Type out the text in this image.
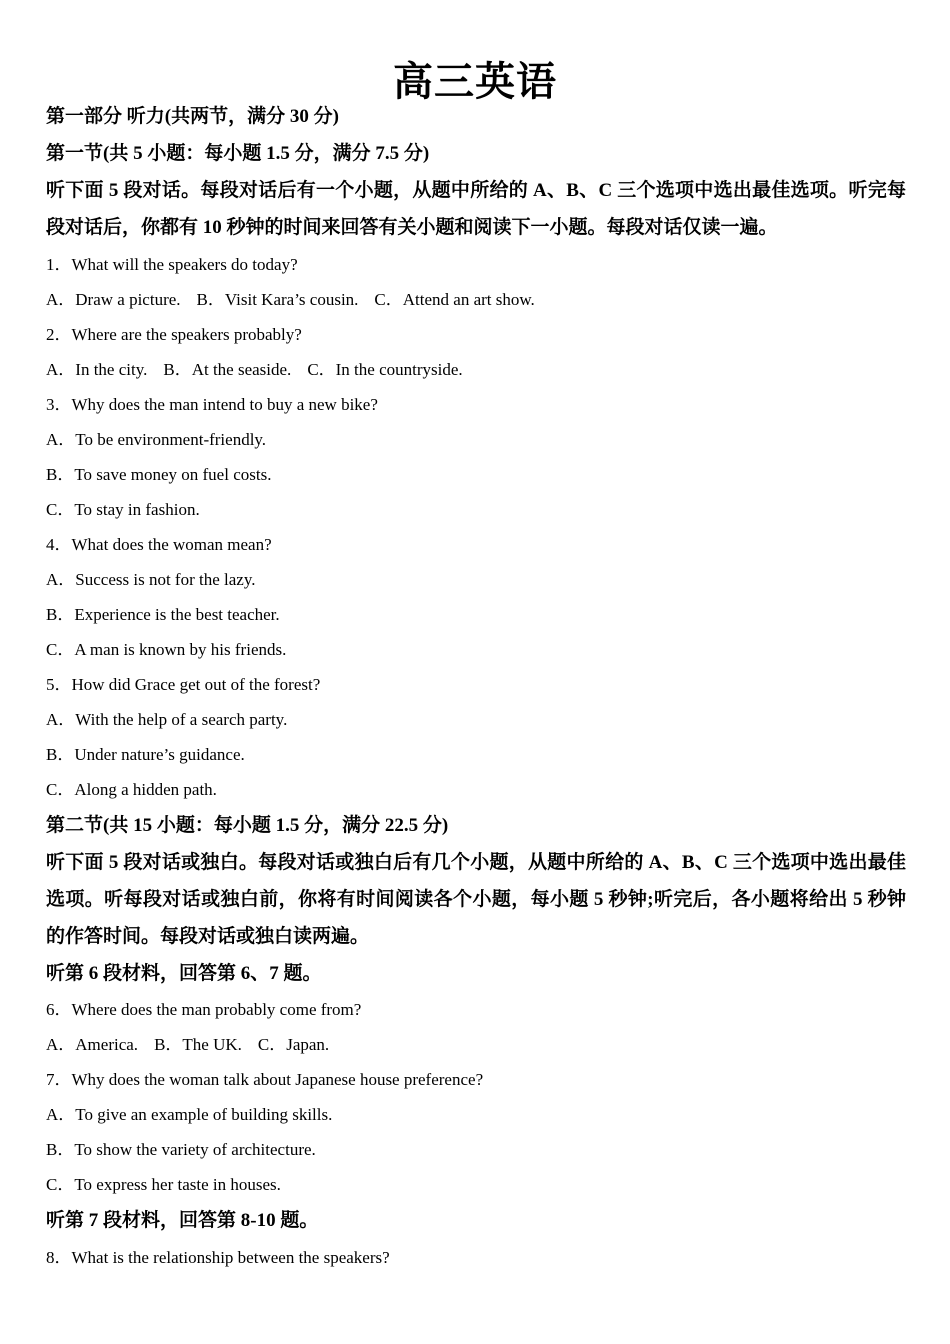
高三英语
第一部分 听力(共两节，满分 30 分)
第一节(共 5 小题：每小题 1.5 分，满分 7.5 分)
听下面 5 段对话。每段对话后有一个小题，从题中所给的 A、B、C 三个选项中选出最佳选项。听完每
段对话后，你都有 10 秒钟的时间来回答有关小题和阅读下一小题。每段对话仅读一遍。
1．What will the speakers do today?
A．Draw a picture. B．Visit Kara’s cousin. C．Attend an art show.
2．Where are the speakers probably?
A．In the city. B．At the seaside. C．In the countryside.
3．Why does the man intend to buy a new bike?
A．To be environment-friendly.
B．To save money on fuel costs.
C．To stay in fashion.
4．What does the woman mean?
A．Success is not for the lazy.
B．Experience is the best teacher.
C．A man is known by his friends.
5．How did Grace get out of the forest?
A．With the help of a search party.
B．Under nature’s guidance.
C．Along a hidden path.
第二节(共 15 小题：每小题 1.5 分，满分 22.5 分)
听下面 5 段对话或独白。每段对话或独白后有几个小题，从题中所给的 A、B、C 三个选项中选出最佳
选项。听每段对话或独白前，你将有时间阅读各个小题，每小题 5 秒钟;听完后，各小题将给出 5 秒钟
的作答时间。每段对话或独白读两遍。
听第 6 段材料，回答第 6、7 题。
6．Where does the man probably come from?
A．America. B．The UK. C．Japan.
7．Why does the woman talk about Japanese house preference?
A．To give an example of building skills.
B．To show the variety of architecture.
C．To express her taste in houses.
听第 7 段材料，回答第 8-10 题。
8．What is the relationship between the speakers?
